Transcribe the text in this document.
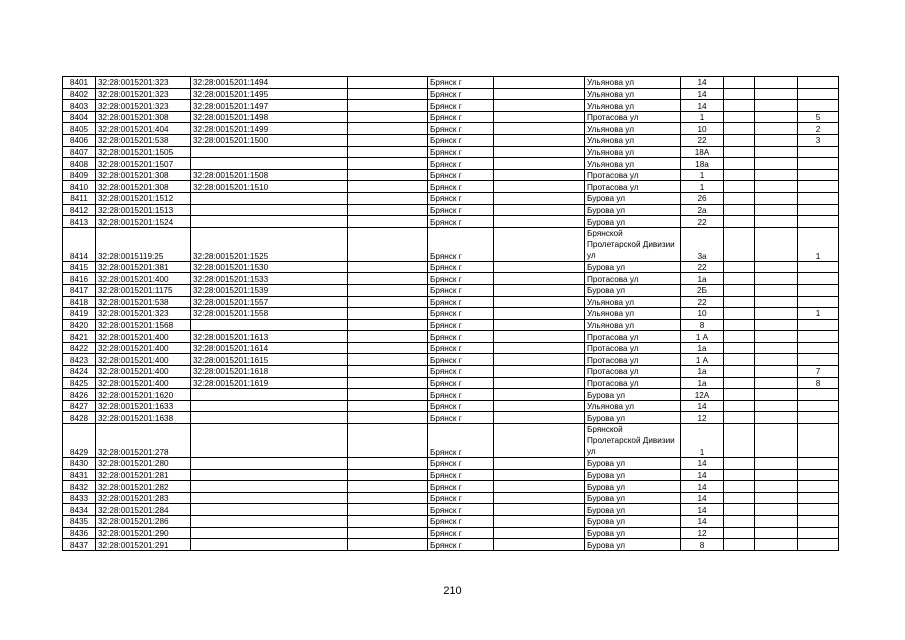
8401	32:28:0015201:323	32:28:0015201:1494		Брянск г		Ульянова ул	14			
8402	32:28:0015201:323	32:28:0015201:1495		Брянск г		Ульянова ул	14			
8403	32:28:0015201:323	32:28:0015201:1497		Брянск г		Ульянова ул	14			
8404	32:28:0015201:308	32:28:0015201:1498		Брянск г		Протасова ул	1			5
8405	32:28:0015201:404	32:28:0015201:1499		Брянск г		Ульянова ул	10			2
8406	32:28:0015201:538	32:28:0015201:1500		Брянск г		Ульянова ул	22			3
8407	32:28:0015201:1505			Брянск г		Ульянова ул	18А			
8408	32:28:0015201:1507			Брянск г		Ульянова ул	18а			
8409	32:28:0015201:308	32:28:0015201:1508		Брянск г		Протасова ул	1			
8410	32:28:0015201:308	32:28:0015201:1510		Брянск г		Протасова ул	1			
8411	32:28:0015201:1512			Брянск г		Бурова ул	26			
8412	32:28:0015201:1513			Брянск г		Бурова ул	2а			
8413	32:28:0015201:1524			Брянск г		Бурова ул	22			
8414	32:28:0015119:25	32:28:0015201:1525		Брянск г		Брянской Пролетарской Дивизии ул	3а			1
8415	32:28:0015201:381	32:28:0015201:1530		Брянск г		Бурова ул	22			
8416	32:28:0015201:400	32:28:0015201:1533		Брянск г		Протасова ул	1а			
8417	32:28:0015201:1175	32:28:0015201:1539		Брянск г		Бурова ул	2Б			
8418	32:28:0015201:538	32:28:0015201:1557		Брянск г		Ульянова ул	22			
8419	32:28:0015201:323	32:28:0015201:1558		Брянск г		Ульянова ул	10			1
8420	32:28:0015201:1568			Брянск г		Ульянова ул	8			
8421	32:28:0015201:400	32:28:0015201:1613		Брянск г		Протасова ул	1 А			
8422	32:28:0015201:400	32:28:0015201:1614		Брянск г		Протасова ул	1а			
8423	32:28:0015201:400	32:28:0015201:1615		Брянск г		Протасова ул	1 А			
8424	32:28:0015201:400	32:28:0015201:1618		Брянск г		Протасова ул	1а			7
8425	32:28:0015201:400	32:28:0015201:1619		Брянск г		Протасова ул	1а			8
8426	32:28:0015201:1620			Брянск г		Бурова ул	12А			
8427	32:28:0015201:1633			Брянск г		Ульянова ул	14			
8428	32:28:0015201:1638			Брянск г		Бурова ул	12			
8429	32:28:0015201:278			Брянск г		Брянской Пролетарской Дивизии ул	1			
8430	32:28:0015201:280			Брянск г		Бурова ул	14			
8431	32:28:0015201:281			Брянск г		Бурова ул	14			
8432	32:28:0015201:282			Брянск г		Бурова ул	14			
8433	32:28:0015201:283			Брянск г		Бурова ул	14			
8434	32:28:0015201:284			Брянск г		Бурова ул	14			
8435	32:28:0015201:286			Брянск г		Бурова ул	14			
8436	32:28:0015201:290			Брянск г		Бурова ул	12			
8437	32:28:0015201:291			Брянск г		Бурова ул	8			
210
